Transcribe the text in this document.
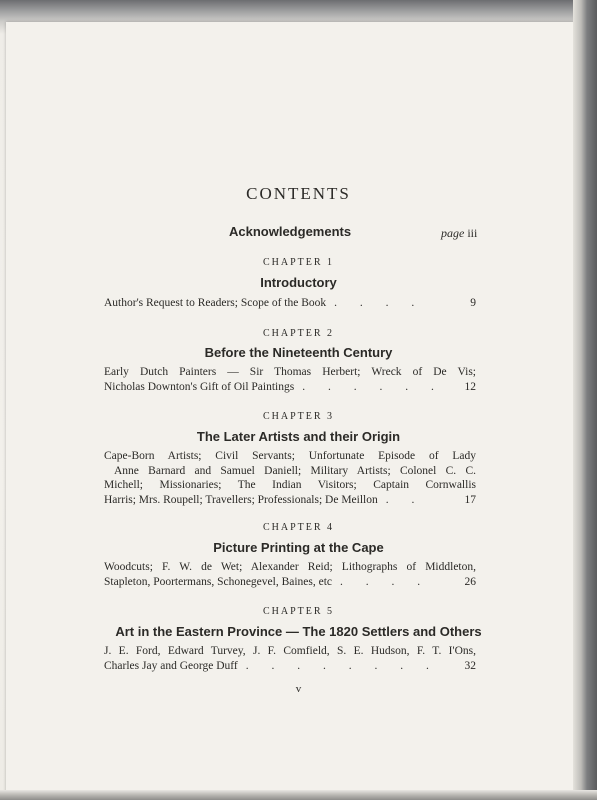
CONTENTS
Acknowledgements	page iii
CHAPTER 1
Introductory
Author's Request to Readers; Scope of the Book . . . .	9
CHAPTER 2
Before the Nineteenth Century
Early Dutch Painters — Sir Thomas Herbert; Wreck of De Vis;
Nicholas Downton's Gift of Oil Paintings . . . . . .	12
CHAPTER 3
The Later Artists and their Origin
Cape-Born Artists; Civil Servants; Unfortunate Episode of Lady
Anne Barnard and Samuel Daniell; Military Artists; Colonel C. C.
Michell; Missionaries; The Indian Visitors; Captain Cornwallis
Harris; Mrs. Roupell; Travellers; Professionals; De Meillon . .	17
CHAPTER 4
Picture Printing at the Cape
Woodcuts; F. W. de Wet; Alexander Reid; Lithographs of Middleton,
Stapleton, Poortermans, Schonegevel, Baines, etc . . . .	26
CHAPTER 5
Art in the Eastern Province — The 1820 Settlers and Others
J. E. Ford, Edward Turvey, J. F. Comfield, S. E. Hudson, F. T. I'Ons,
Charles Jay and George Duff . . . . . . . .	32
v
